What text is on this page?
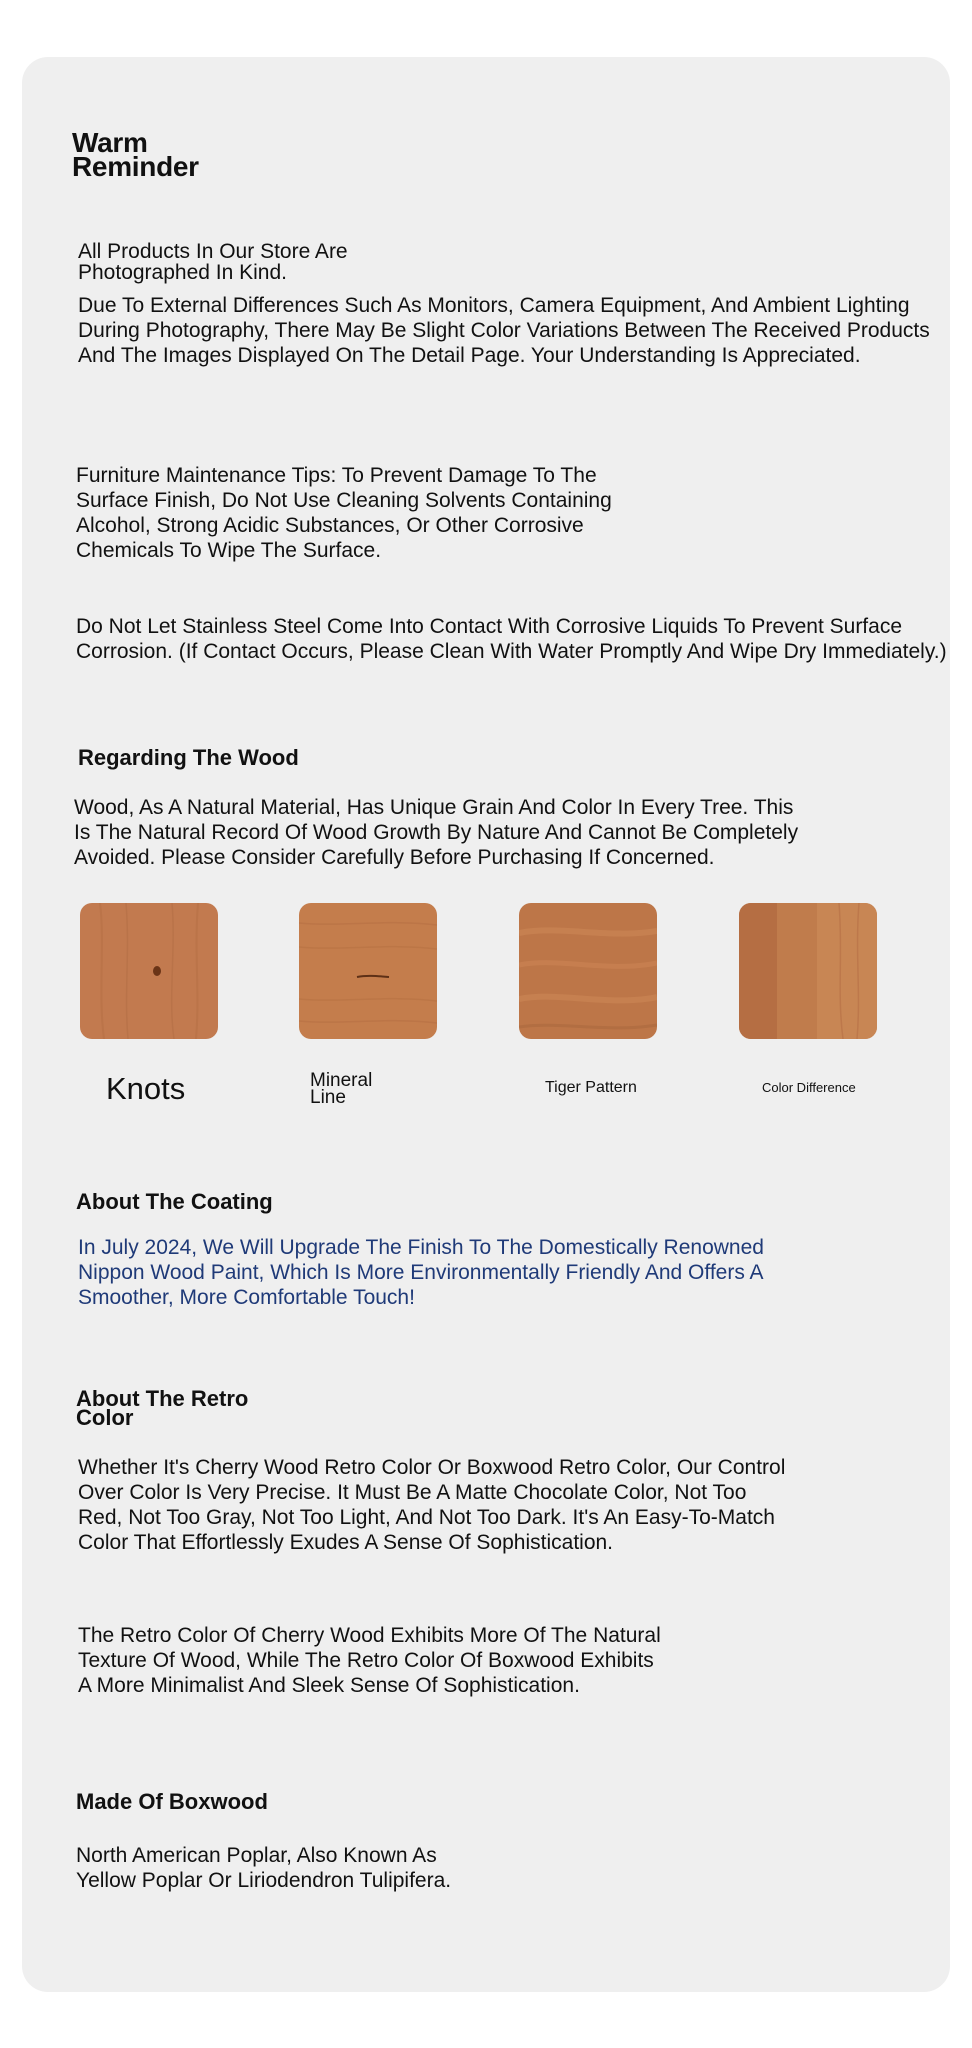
Warm
Reminder

All Products In Our Store Are
Photographed In Kind.

Due To External Differences Such As Monitors, Camera Equipment, And Ambient Lighting
During Photography, There May Be Slight Color Variations Between The Received Products
And The Images Displayed On The Detail Page. Your Understanding Is Appreciated.

Furniture Maintenance Tips: To Prevent Damage To The
Surface Finish, Do Not Use Cleaning Solvents Containing
Alcohol, Strong Acidic Substances, Or Other Corrosive
Chemicals To Wipe The Surface.

Do Not Let Stainless Steel Come Into Contact With Corrosive Liquids To Prevent Surface
Corrosion. (If Contact Occurs, Please Clean With Water Promptly And Wipe Dry Immediately.)

Regarding The Wood

Wood, As A Natural Material, Has Unique Grain And Color In Every Tree. This
Is The Natural Record Of Wood Growth By Nature And Cannot Be Completely
Avoided. Please Consider Carefully Before Purchasing If Concerned.

Knots	Mineral
Line	Tiger Pattern	Color Difference

About The Coating

In July 2024, We Will Upgrade The Finish To The Domestically Renowned
Nippon Wood Paint, Which Is More Environmentally Friendly And Offers A
Smoother, More Comfortable Touch!

About The Retro
Color

Whether It's Cherry Wood Retro Color Or Boxwood Retro Color, Our Control
Over Color Is Very Precise. It Must Be A Matte Chocolate Color, Not Too
Red, Not Too Gray, Not Too Light, And Not Too Dark. It's An Easy-To-Match
Color That Effortlessly Exudes A Sense Of Sophistication.

The Retro Color Of Cherry Wood Exhibits More Of The Natural
Texture Of Wood, While The Retro Color Of Boxwood Exhibits
A More Minimalist And Sleek Sense Of Sophistication.

Made Of Boxwood

North American Poplar, Also Known As
Yellow Poplar Or Liriodendron Tulipifera.
